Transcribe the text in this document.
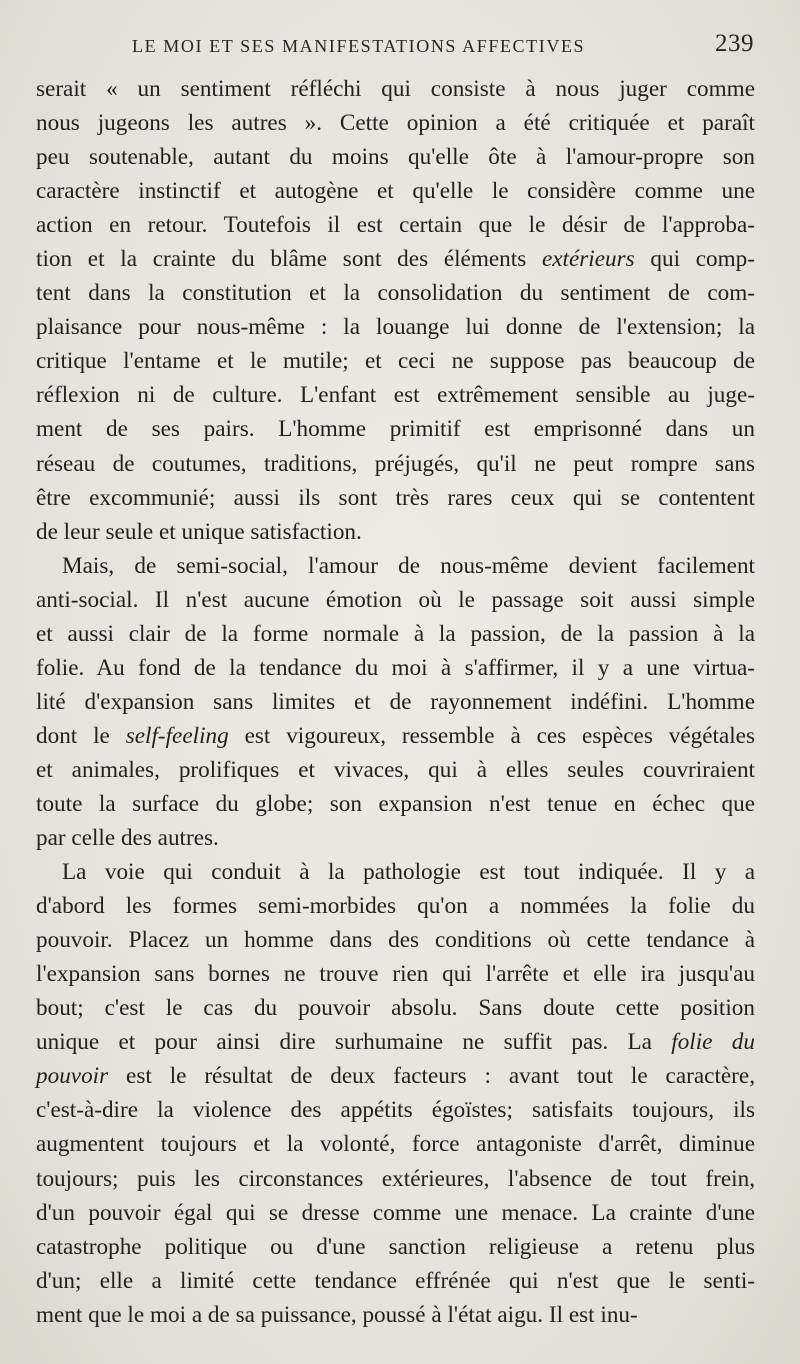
LE MOI ET SES MANIFESTATIONS AFFECTIVES	239

serait « un sentiment réfléchi qui consiste à nous juger comme
nous jugeons les autres ». Cette opinion a été critiquée et paraît
peu soutenable, autant du moins qu'elle ôte à l'amour-propre son
caractère instinctif et autogène et qu'elle le considère comme une
action en retour. Toutefois il est certain que le désir de l'approba-
tion et la crainte du blâme sont des éléments extérieurs qui comp-
tent dans la constitution et la consolidation du sentiment de com-
plaisance pour nous-même : la louange lui donne de l'extension; la
critique l'entame et le mutile; et ceci ne suppose pas beaucoup de
réflexion ni de culture. L'enfant est extrêmement sensible au juge-
ment de ses pairs. L'homme primitif est emprisonné dans un
réseau de coutumes, traditions, préjugés, qu'il ne peut rompre sans
être excommunié; aussi ils sont très rares ceux qui se contentent
de leur seule et unique satisfaction.

Mais, de semi-social, l'amour de nous-même devient facilement
anti-social. Il n'est aucune émotion où le passage soit aussi simple
et aussi clair de la forme normale à la passion, de la passion à la
folie. Au fond de la tendance du moi à s'affirmer, il y a une virtua-
lité d'expansion sans limites et de rayonnement indéfini. L'homme
dont le self-feeling est vigoureux, ressemble à ces espèces végétales
et animales, prolifiques et vivaces, qui à elles seules couvriraient
toute la surface du globe; son expansion n'est tenue en échec que
par celle des autres.

La voie qui conduit à la pathologie est tout indiquée. Il y a
d'abord les formes semi-morbides qu'on a nommées la folie du
pouvoir. Placez un homme dans des conditions où cette tendance à
l'expansion sans bornes ne trouve rien qui l'arrête et elle ira jusqu'au
bout; c'est le cas du pouvoir absolu. Sans doute cette position
unique et pour ainsi dire surhumaine ne suffit pas. La folie du
pouvoir est le résultat de deux facteurs : avant tout le caractère,
c'est-à-dire la violence des appétits égoïstes; satisfaits toujours, ils
augmentent toujours et la volonté, force antagoniste d'arrêt, diminue
toujours; puis les circonstances extérieures, l'absence de tout frein,
d'un pouvoir égal qui se dresse comme une menace. La crainte d'une
catastrophe politique ou d'une sanction religieuse a retenu plus
d'un; elle a limité cette tendance effrénée qui n'est que le senti-
ment que le moi a de sa puissance, poussé à l'état aigu. Il est inu-
